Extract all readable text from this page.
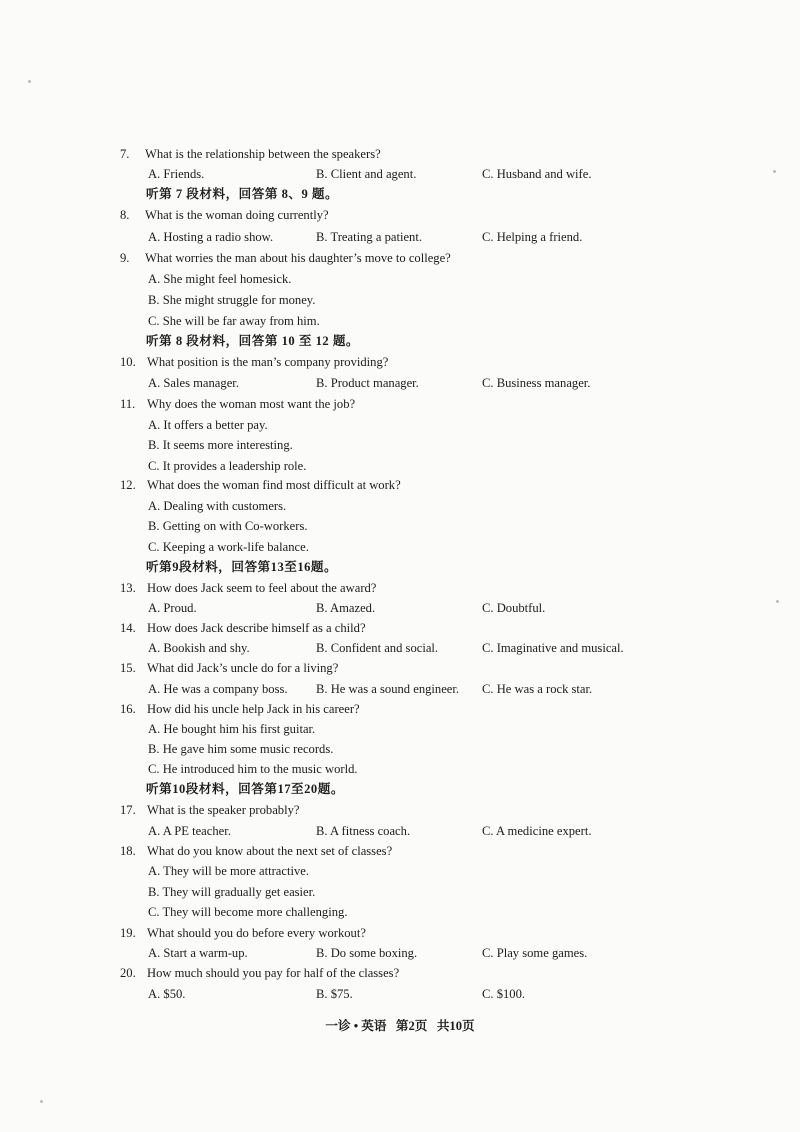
7. What is the relationship between the speakers?
A. Friends.	B. Client and agent.	C. Husband and wife.
听第 7 段材料，回答第 8、9 题。
8. What is the woman doing currently?
A. Hosting a radio show.	B. Treating a patient.	C. Helping a friend.
9. What worries the man about his daughter’s move to college?
A. She might feel homesick.
B. She might struggle for money.
C. She will be far away from him.
听第 8 段材料，回答第 10 至 12 题。
10. What position is the man’s company providing?
A. Sales manager.	B. Product manager.	C. Business manager.
11. Why does the woman most want the job?
A. It offers a better pay.
B. It seems more interesting.
C. It provides a leadership role.
12. What does the woman find most difficult at work?
A. Dealing with customers.
B. Getting on with Co-workers.
C. Keeping a work-life balance.
听第9段材料，回答第13至16题。
13. How does Jack seem to feel about the award?
A. Proud.	B. Amazed.	C. Doubtful.
14. How does Jack describe himself as a child?
A. Bookish and shy.	B. Confident and social.	C. Imaginative and musical.
15. What did Jack’s uncle do for a living?
A. He was a company boss. B. He was a sound engineer. C. He was a rock star.
16. How did his uncle help Jack in his career?
A. He bought him his first guitar.
B. He gave him some music records.
C. He introduced him to the music world.
听第10段材料，回答第17至20题。
17. What is the speaker probably?
A. A PE teacher.	B. A fitness coach.	C. A medicine expert.
18. What do you know about the next set of classes?
A. They will be more attractive.
B. They will gradually get easier.
C. They will become more challenging.
19. What should you do before every workout?
A. Start a warm-up.	B. Do some boxing.	C. Play some games.
20. How much should you pay for half of the classes?
A. $50.	B. $75.	C. $100.
一诊 • 英语   第2页   共10页
